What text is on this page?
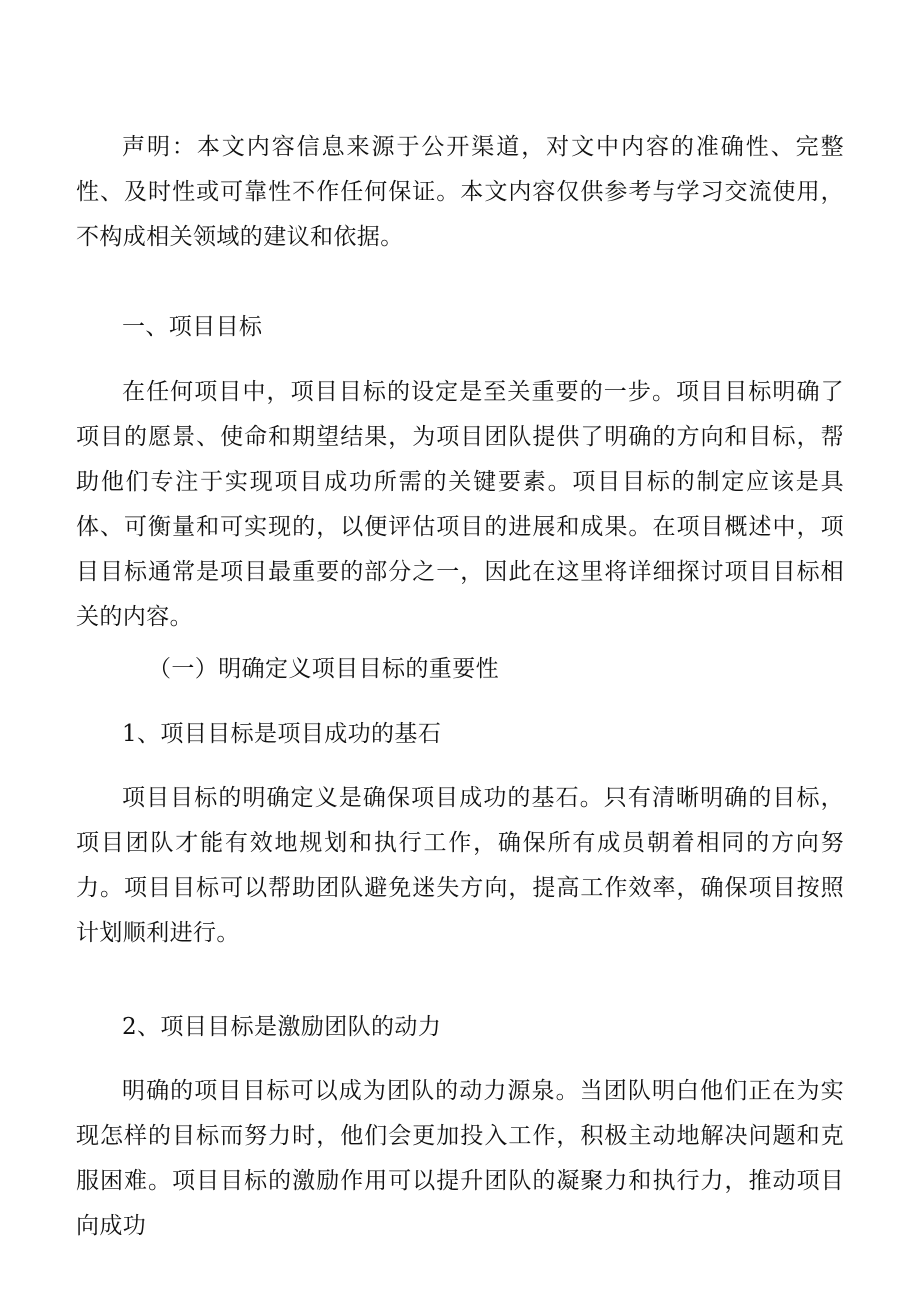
声明：本文内容信息来源于公开渠道，对文中内容的准确性、完整性、及时性或可靠性不作任何保证。本文内容仅供参考与学习交流使用，不构成相关领域的建议和依据。

一、项目目标

在任何项目中，项目目标的设定是至关重要的一步。项目目标明确了项目的愿景、使命和期望结果，为项目团队提供了明确的方向和目标，帮助他们专注于实现项目成功所需的关键要素。项目目标的制定应该是具体、可衡量和可实现的，以便评估项目的进展和成果。在项目概述中，项目目标通常是项目最重要的部分之一，因此在这里将详细探讨项目目标相关的内容。

（一）明确定义项目目标的重要性

1、项目目标是项目成功的基石

项目目标的明确定义是确保项目成功的基石。只有清晰明确的目标，项目团队才能有效地规划和执行工作，确保所有成员朝着相同的方向努力。项目目标可以帮助团队避免迷失方向，提高工作效率，确保项目按照计划顺利进行。

2、项目目标是激励团队的动力

明确的项目目标可以成为团队的动力源泉。当团队明白他们正在为实现怎样的目标而努力时，他们会更加投入工作，积极主动地解决问题和克服困难。项目目标的激励作用可以提升团队的凝聚力和执行力，推动项目向成功
